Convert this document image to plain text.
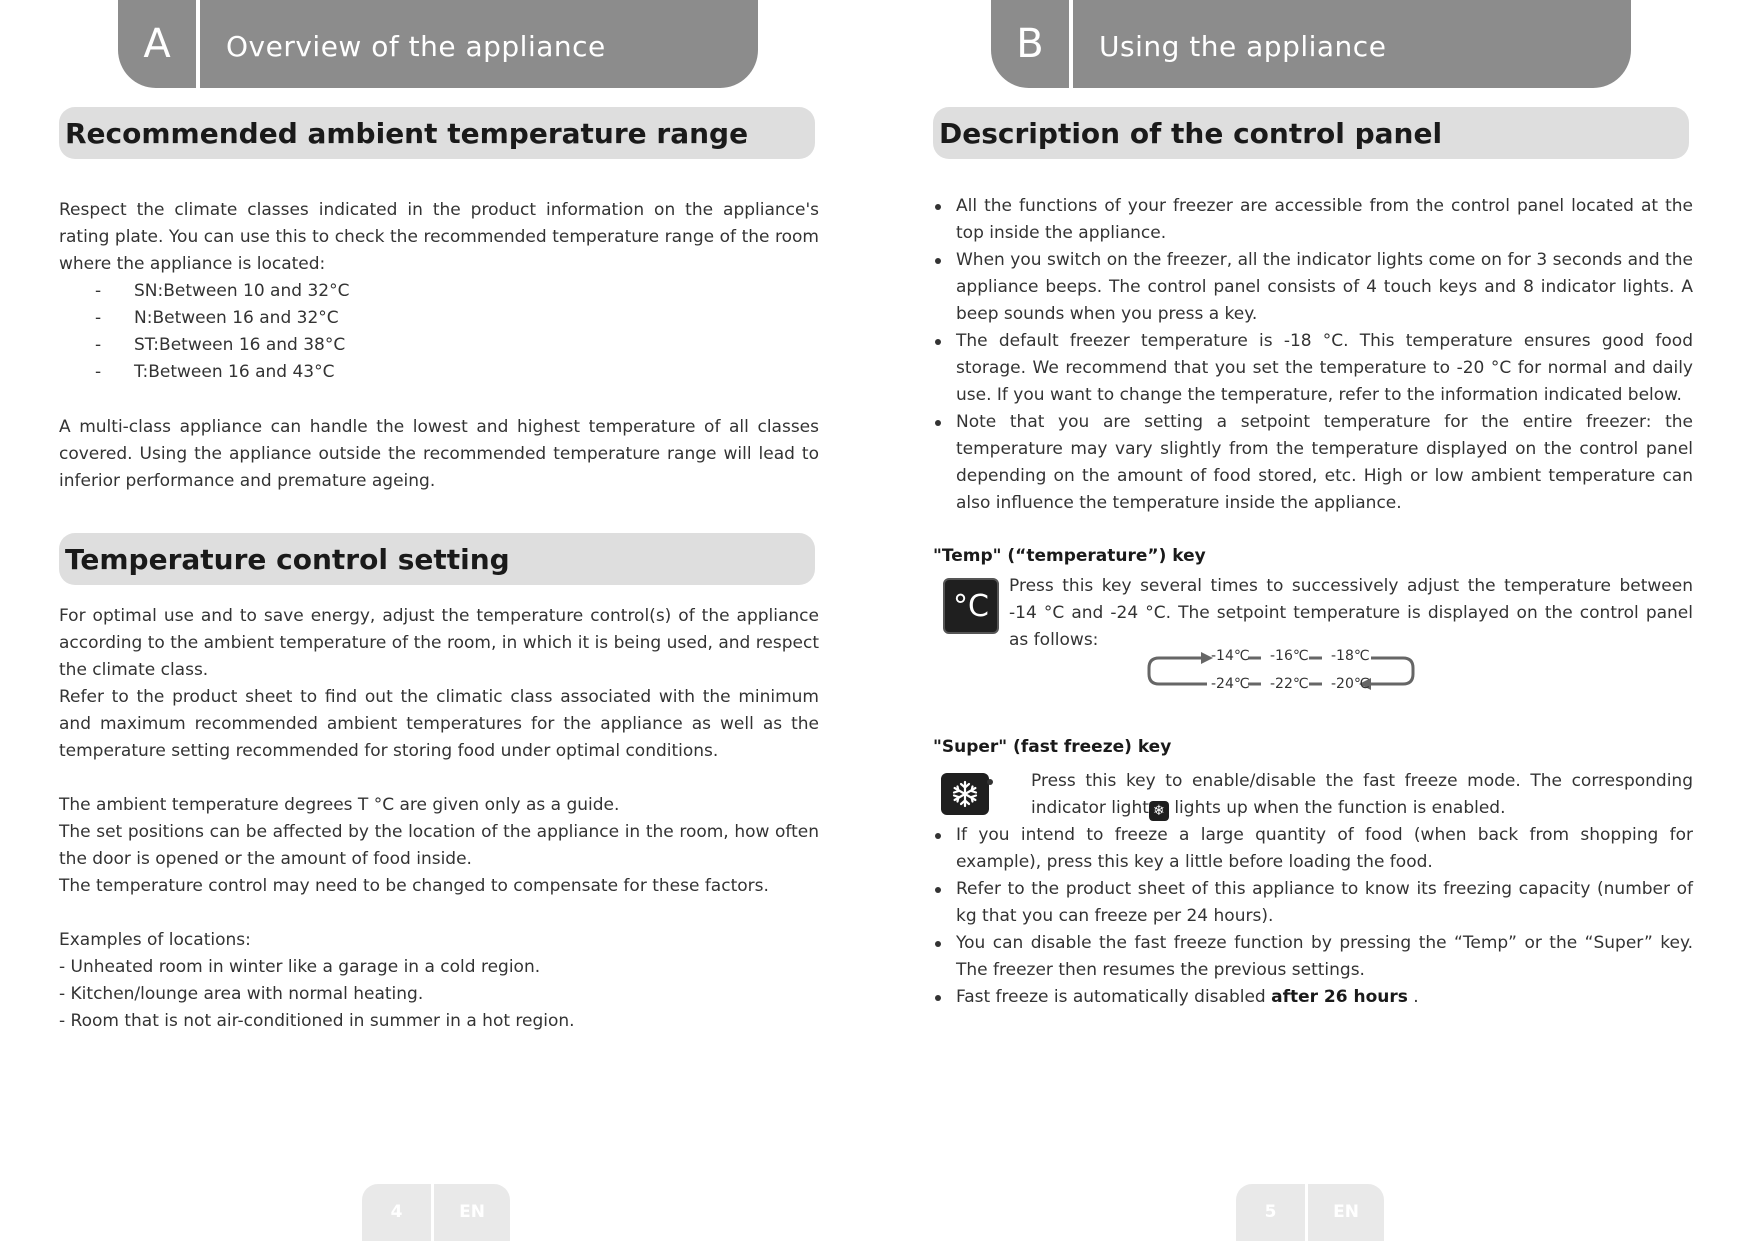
A	Overview of the appliance
Recommended ambient temperature range

Respect the climate classes indicated in the product information on the appliance's rating plate. You can use this to check the recommended temperature range of the room where the appliance is located:

- SN:Between 10 and 32°C
- N:Between 16 and 32°C
- ST:Between 16 and 38°C
- T:Between 16 and 43°C
A multi-class appliance can handle the lowest and highest temperature of all classes covered. Using the appliance outside the recommended temperature range will lead to inferior performance and premature ageing.
Temperature control setting
For optimal use and to save energy, adjust the temperature control(s) of the appliance according to the ambient temperature of the room, in which it is being used, and respect the climate class.
Refer to the product sheet to find out the climatic class associated with the minimum and maximum recommended ambient temperatures for the appliance as well as the temperature setting recommended for storing food under optimal conditions.

The ambient temperature degrees T °C are given only as a guide.

The set positions can be affected by the location of the appliance in the room, how often the door is opened or the amount of food inside.

The temperature control may need to be changed to compensate for these factors.

Examples of locations:

- Unheated room in winter like a garage in a cold region.

- Kitchen/lounge area with normal heating.

- Room that is not air-conditioned in summer in a hot region.

4	EN
B	Using the appliance
Description of the control panel
All the functions of your freezer are accessible from the control panel located at the top inside the appliance.
When you switch on the freezer, all the indicator lights come on for 3 seconds and the appliance beeps. The control panel consists of 4 touch keys and 8 indicator lights. A beep sounds when you press a key.
The default freezer temperature is -18 °C. This temperature ensures good food storage. We recommend that you set the temperature to -20 °C for normal and daily use. If you want to change the temperature, refer to the information indicated below.
Note that you are setting a setpoint temperature for the entire freezer: the temperature may vary slightly from the temperature displayed on the control panel depending on the amount of food stored, etc. High or low ambient temperature can also influence the temperature inside the appliance.
"Temp" (“temperature”) key
°C
Press this key several times to successively adjust the temperature between -14 °C and -24 °C. The setpoint temperature is displayed on the control panel as follows:
-14℃ -16℃ -18℃
-24℃ -22℃ -20℃
"Super" (fast freeze) key
Press this key to enable/disable the fast freeze mode. The corresponding indicator light ❄ lights up when the function is enabled.
If you intend to freeze a large quantity of food (when back from shopping for example), press this key a little before loading the food.
Refer to the product sheet of this appliance to know its freezing capacity (number of kg that you can freeze per 24 hours).
You can disable the fast freeze function by pressing the “Temp” or the “Super” key. The freezer then resumes the previous settings.
Fast freeze is automatically disabled after 26 hours .
5	EN
